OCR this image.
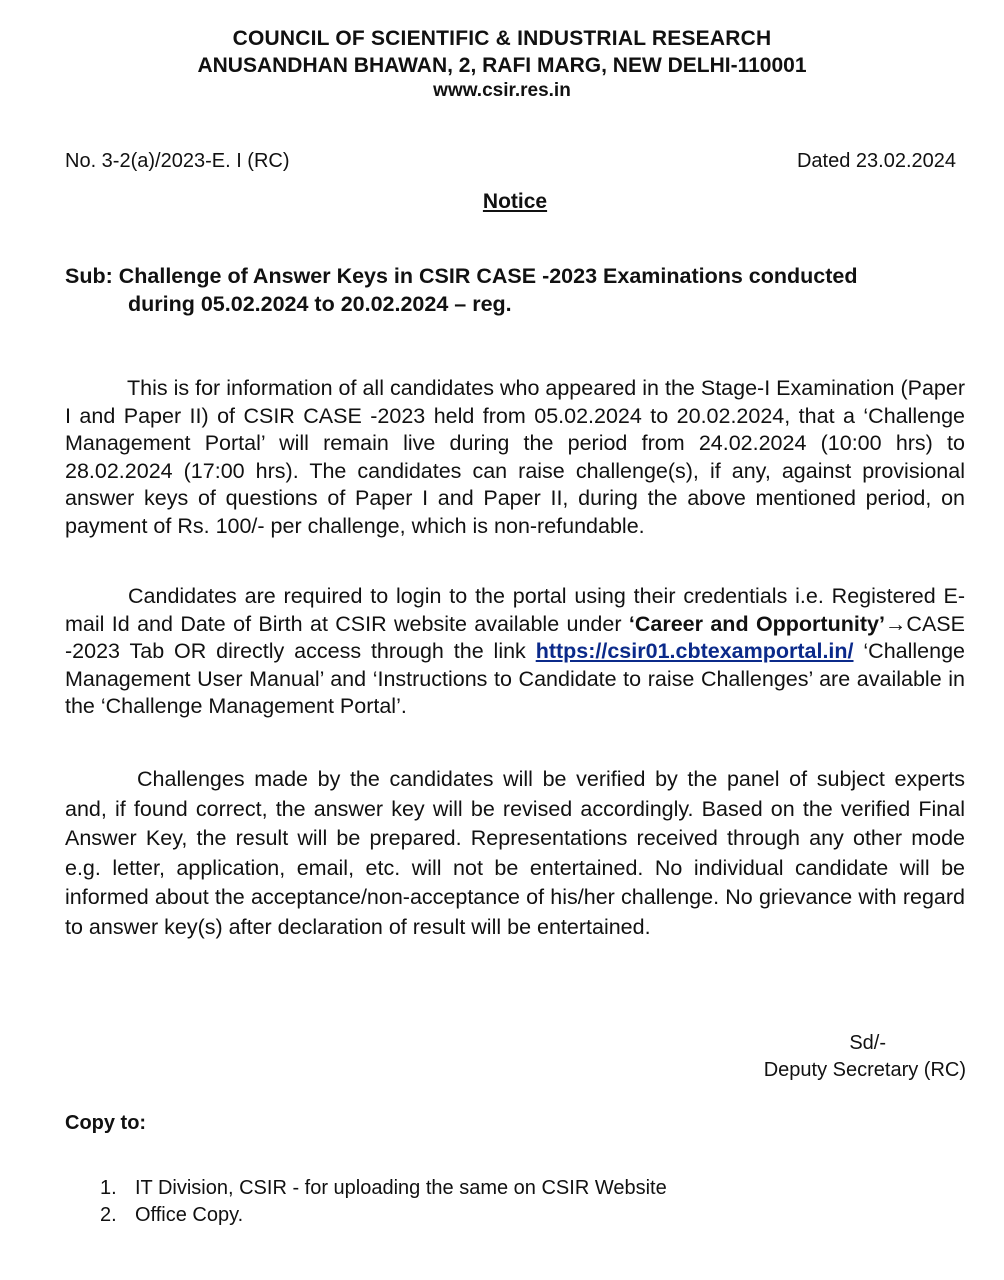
COUNCIL OF SCIENTIFIC & INDUSTRIAL RESEARCH
ANUSANDHAN BHAWAN, 2, RAFI MARG, NEW DELHI-110001
www.csir.res.in
No. 3-2(a)/2023-E. I (RC)	Dated 23.02.2024
Notice
Sub: Challenge of Answer Keys in CSIR CASE -2023 Examinations conducted
during 05.02.2024 to 20.02.2024 – reg.
This is for information of all candidates who appeared in the Stage-I Examination (Paper I and Paper II) of CSIR CASE -2023 held from 05.02.2024 to 20.02.2024, that a ‘Challenge Management Portal’ will remain live during the period from 24.02.2024 (10:00 hrs) to 28.02.2024 (17:00 hrs). The candidates can raise challenge(s), if any, against provisional answer keys of questions of Paper I and Paper II, during the above mentioned period, on payment of Rs. 100/- per challenge, which is non-refundable.
Candidates are required to login to the portal using their credentials i.e. Registered E-mail Id and Date of Birth at CSIR website available under ‘Career and Opportunity’→CASE -2023 Tab OR directly access through the link https://csir01.cbtexamportal.in/ ‘Challenge Management User Manual’ and ‘Instructions to Candidate to raise Challenges’ are available in the ‘Challenge Management Portal’.
Challenges made by the candidates will be verified by the panel of subject experts and, if found correct, the answer key will be revised accordingly. Based on the verified Final Answer Key, the result will be prepared. Representations received through any other mode e.g. letter, application, email, etc. will not be entertained. No individual candidate will be informed about the acceptance/non-acceptance of his/her challenge. No grievance with regard to answer key(s) after declaration of result will be entertained.
Sd/-
Deputy Secretary (RC)
Copy to:
1. IT Division, CSIR - for uploading the same on CSIR Website
2. Office Copy.
